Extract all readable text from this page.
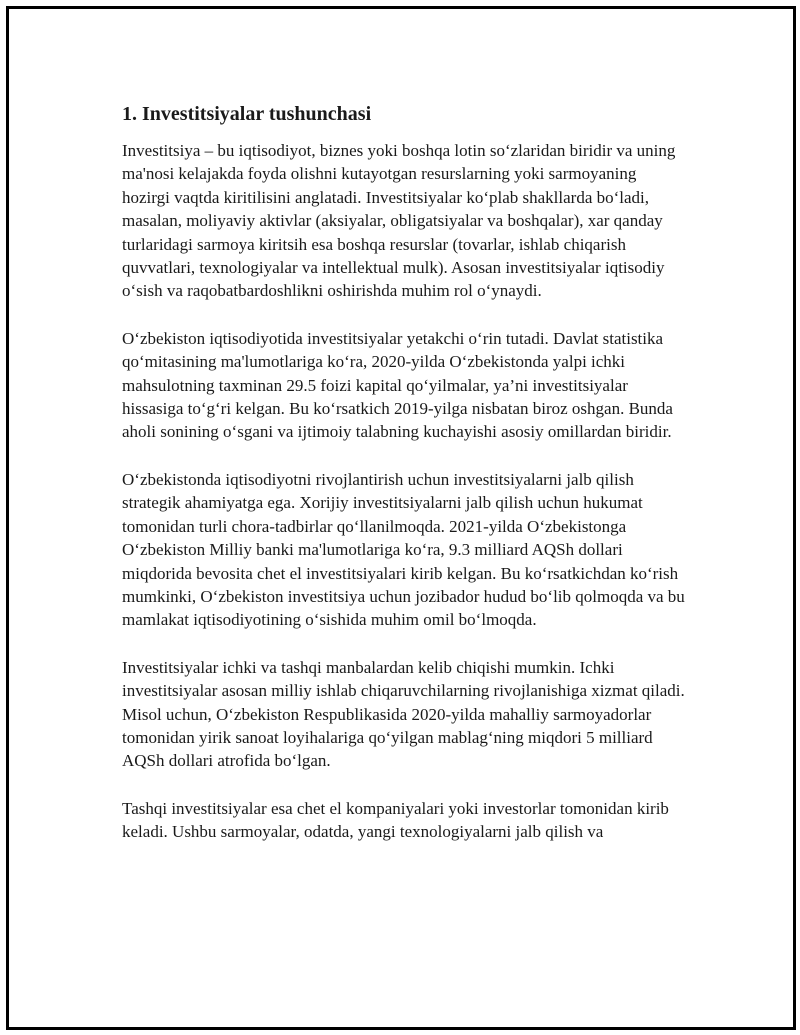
1. Investitsiyalar tushunchasi

Investitsiya – bu iqtisodiyot, biznes yoki boshqa lotin so‘zlaridan biridir va uning ma'nosi kelajakda foyda olishni kutayotgan resurslarning yoki sarmoyaning hozirgi vaqtda kiritilisini anglatadi. Investitsiyalar ko‘plab shakllarda bo‘ladi, masalan, moliyaviy aktivlar (aksiyalar, obligatsiyalar va boshqalar), xar qanday turlaridagi sarmoya kiritsih esa boshqa resurslar (tovarlar, ishlab chiqarish quvvatlari, texnologiyalar va intellektual mulk). Asosan investitsiyalar iqtisodiy o‘sish va raqobatbardoshlikni oshirishda muhim rol o‘ynaydi.

O‘zbekiston iqtisodiyotida investitsiyalar yetakchi o‘rin tutadi. Davlat statistika qo‘mitasining ma'lumotlariga ko‘ra, 2020-yilda O‘zbekistonda yalpi ichki mahsulotning taxminan 29.5 foizi kapital qo‘yilmalar, ya’ni investitsiyalar hissasiga to‘g‘ri kelgan. Bu ko‘rsatkich 2019-yilga nisbatan biroz oshgan. Bunda aholi sonining o‘sgani va ijtimoiy talabning kuchayishi asosiy omillardan biridir.

O‘zbekistonda iqtisodiyotni rivojlantirish uchun investitsiyalarni jalb qilish strategik ahamiyatga ega. Xorijiy investitsiyalarni jalb qilish uchun hukumat tomonidan turli chora-tadbirlar qo‘llanilmoqda. 2021-yilda O‘zbekistonga O‘zbekiston Milliy banki ma'lumotlariga ko‘ra, 9.3 milliard AQSh dollari miqdorida bevosita chet el investitsiyalari kirib kelgan. Bu ko‘rsatkichdan ko‘rish mumkinki, O‘zbekiston investitsiya uchun jozibador hudud bo‘lib qolmoqda va bu mamlakat iqtisodiyotining o‘sishida muhim omil bo‘lmoqda.

Investitsiyalar ichki va tashqi manbalardan kelib chiqishi mumkin. Ichki investitsiyalar asosan milliy ishlab chiqaruvchilarning rivojlanishiga xizmat qiladi. Misol uchun, O‘zbekiston Respublikasida 2020-yilda mahalliy sarmoyadorlar tomonidan yirik sanoat loyihalariga qo‘yilgan mablag‘ning miqdori 5 milliard AQSh dollari atrofida bo‘lgan.

Tashqi investitsiyalar esa chet el kompaniyalari yoki investorlar tomonidan kirib keladi. Ushbu sarmoyalar, odatda, yangi texnologiyalarni jalb qilish va
